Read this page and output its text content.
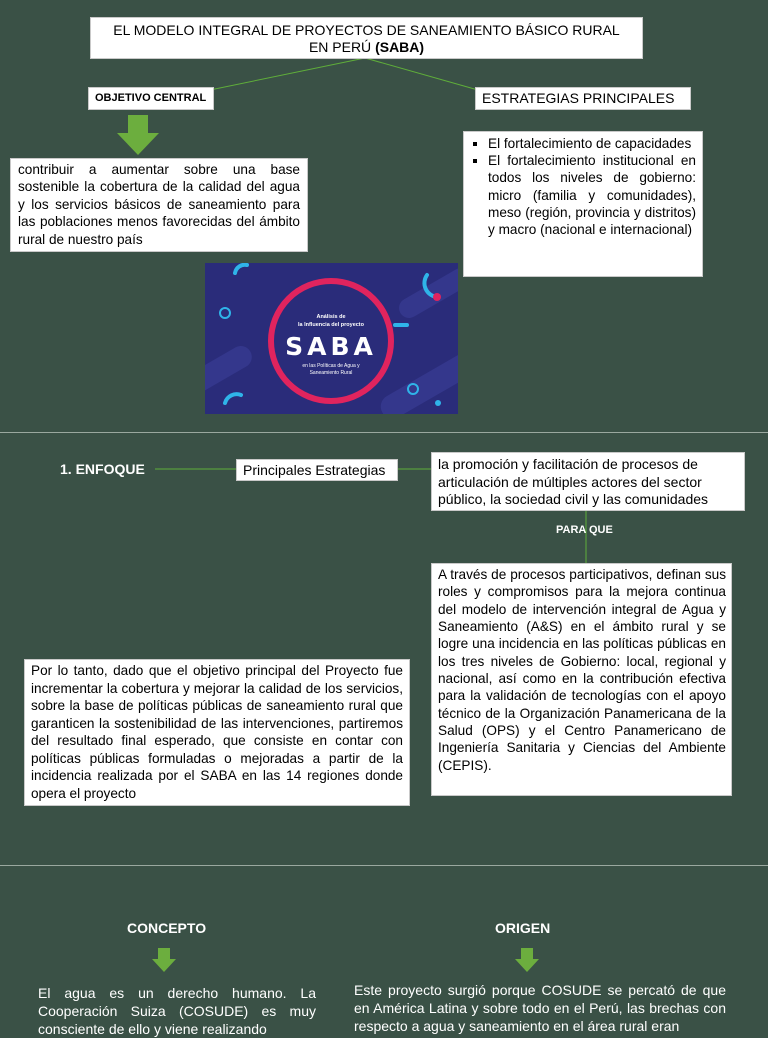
EL MODELO INTEGRAL DE PROYECTOS DE SANEAMIENTO BÁSICO RURAL
EN PERÚ (SABA)
OBJETIVO CENTRAL	ESTRATEGIAS PRINCIPALES
contribuir a aumentar sobre una base sostenible la cobertura de la calidad del agua y los servicios básicos de saneamiento para las poblaciones menos favorecidas del ámbito rural de nuestro país
▪ El fortalecimiento de capacidades
▪ El fortalecimiento institucional en todos los niveles de gobierno: micro (familia y comunidades), meso (región, provincia y distritos) y macro (nacional e internacional)
Análisis de
la Influencia del proyecto
SABA
en las Políticas de Agua y
Saneamiento Rural
1. ENFOQUE	Principales Estrategias	la promoción y facilitación de procesos de articulación de múltiples actores del sector público, la sociedad civil y las comunidades
PARA QUE
A través de procesos participativos, definan sus roles y compromisos para la mejora continua del modelo de intervención integral de Agua y Saneamiento (A&S) en el ámbito rural y se logre una incidencia en las políticas públicas en los tres niveles de Gobierno: local, regional y nacional, así como en la contribución efectiva para la validación de tecnologías con el apoyo técnico de la Organización Panamericana de la Salud (OPS) y el Centro Panamericano de Ingeniería Sanitaria y Ciencias del Ambiente (CEPIS).
Por lo tanto, dado que el objetivo principal del Proyecto fue incrementar la cobertura y mejorar la calidad de los servicios, sobre la base de políticas públicas de saneamiento rural que garanticen la sostenibilidad de las intervenciones, partiremos del resultado final esperado, que consiste en contar con políticas públicas formuladas o mejoradas a partir de la incidencia realizada por el SABA en las 14 regiones donde opera el proyecto
CONCEPTO
El agua es un derecho humano. La Cooperación Suiza (COSUDE) es muy consciente de ello y viene realizando
ORIGEN
Este proyecto surgió porque COSUDE se percató de que en América Latina y sobre todo en el Perú, las brechas con respecto a agua y saneamiento en el área rural eran
